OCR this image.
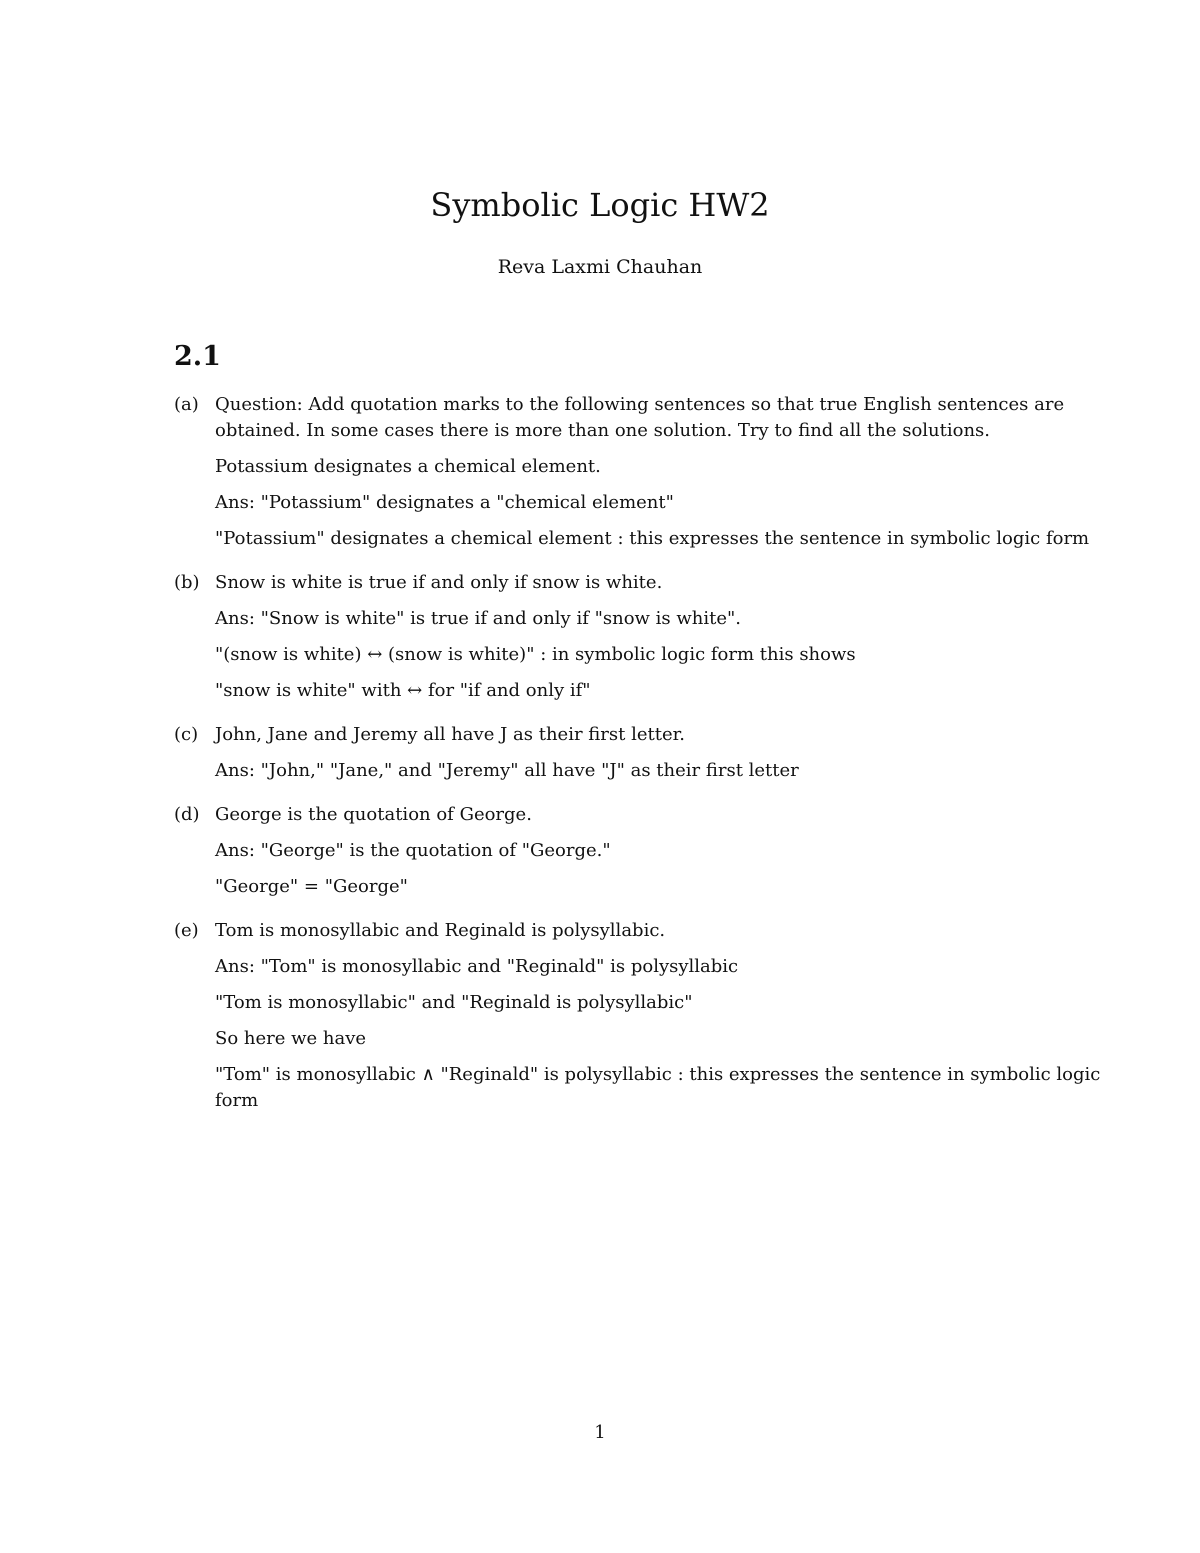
Symbolic Logic HW2
Reva Laxmi Chauhan
2.1
(a) Question: Add quotation marks to the following sentences so that true English sentences are obtained. In some cases there is more than one solution. Try to find all the solutions.
Potassium designates a chemical element.
Ans: "Potassium" designates a "chemical element"
"Potassium" designates a chemical element : this expresses the sentence in symbolic logic form
(b) Snow is white is true if and only if snow is white.
Ans: "Snow is white" is true if and only if "snow is white".
"(snow is white) ↔ (snow is white)" : in symbolic logic form this shows
"snow is white" with ↔ for "if and only if"
(c) John, Jane and Jeremy all have J as their first letter.
Ans: "John," "Jane," and "Jeremy" all have "J" as their first letter
(d) George is the quotation of George.
Ans: "George" is the quotation of "George."
"George" = "George"
(e) Tom is monosyllabic and Reginald is polysyllabic.
Ans: "Tom" is monosyllabic and "Reginald" is polysyllabic
"Tom is monosyllabic" and "Reginald is polysyllabic"
So here we have
"Tom" is monosyllabic ∧ "Reginald" is polysyllabic : this expresses the sentence in symbolic logic form
1
